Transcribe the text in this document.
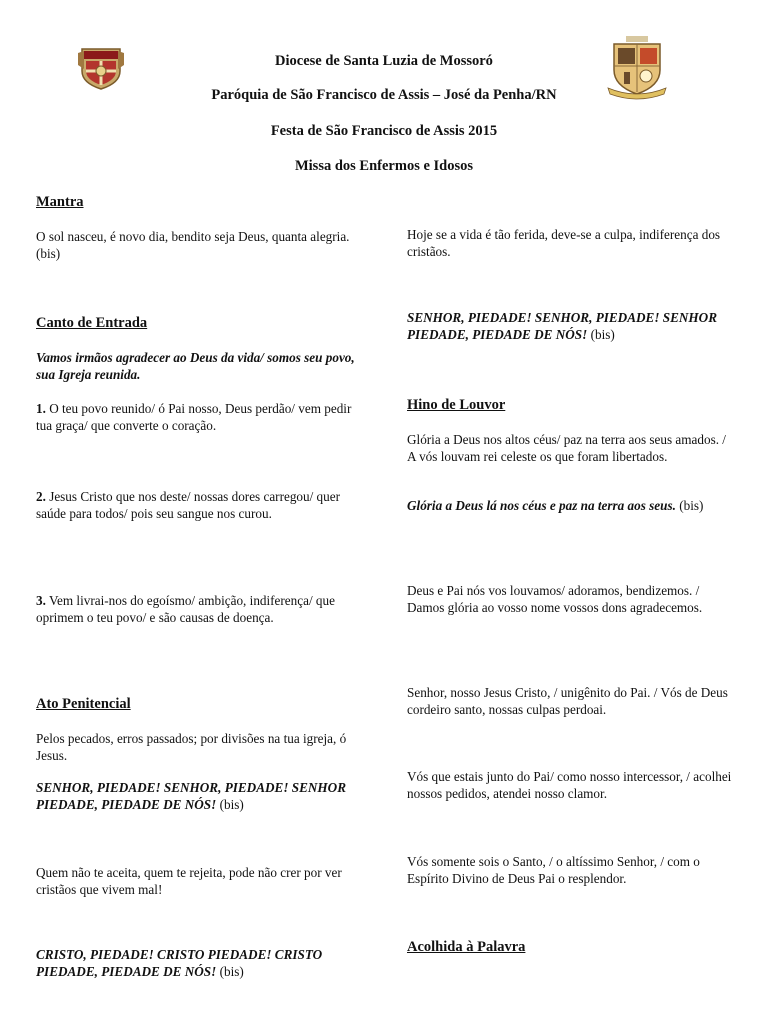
Diocese de Santa Luzia de Mossoró
Paróquia de São Francisco de Assis – José da Penha/RN
Festa de São Francisco de Assis 2015
Missa dos Enfermos e Idosos
Mantra
O sol nasceu, é novo dia, bendito seja Deus, quanta alegria. (bis)
Canto de Entrada
Vamos irmãos agradecer ao Deus da vida/ somos seu povo, sua Igreja reunida.
1. O teu povo reunido/ ó Pai nosso, Deus perdão/ vem pedir tua graça/ que converte o coração.
2. Jesus Cristo que nos deste/ nossas dores carregou/ quer saúde para todos/ pois seu sangue nos curou.
3. Vem livrai-nos do egoísmo/ ambição, indiferença/ que oprimem o teu povo/ e são causas de doença.
Ato Penitencial
Pelos pecados, erros passados; por divisões na tua igreja, ó Jesus.
SENHOR, PIEDADE! SENHOR, PIEDADE! SENHOR PIEDADE, PIEDADE DE NÓS! (bis)
Quem não te aceita, quem te rejeita, pode não crer por ver cristãos que vivem mal!
CRISTO, PIEDADE! CRISTO PIEDADE! CRISTO PIEDADE, PIEDADE DE NÓS! (bis)
Hoje se a vida é tão ferida, deve-se a culpa, indiferença dos cristãos.
SENHOR, PIEDADE! SENHOR, PIEDADE! SENHOR PIEDADE, PIEDADE DE NÓS! (bis)
Hino de Louvor
Glória a Deus nos altos céus/ paz na terra aos seus amados. / A vós louvam rei celeste os que foram libertados.
Glória a Deus lá nos céus e paz na terra aos seus. (bis)
Deus e Pai nós vos louvamos/ adoramos, bendizemos. / Damos glória ao vosso nome vossos dons agradecemos.
Senhor, nosso Jesus Cristo, / unigênito do Pai. / Vós de Deus cordeiro santo, nossas culpas perdoai.
Vós que estais junto do Pai/ como nosso intercessor, / acolhei nossos pedidos, atendei nosso clamor.
Vós somente sois o Santo, / o altíssimo Senhor, / com o Espírito Divino de Deus Pai o resplendor.
Acolhida à Palavra
